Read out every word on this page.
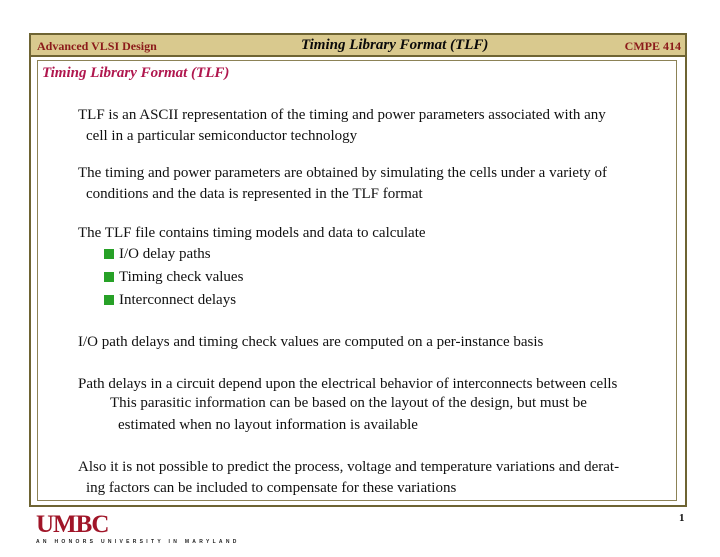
Advanced VLSI Design	Timing Library Format (TLF)	CMPE 414
Timing Library Format (TLF)
TLF is an ASCII representation of the timing and power parameters associated with any
cell in a particular semiconductor technology
The timing and power parameters are obtained by simulating the cells under a variety of
conditions and the data is represented in the TLF format
The TLF file contains timing models and data to calculate
I/O delay paths
Timing check values
Interconnect delays
I/O path delays and timing check values are computed on a per-instance basis
Path delays in a circuit depend upon the electrical behavior of interconnects between cells
This parasitic information can be based on the layout of the design, but must be
estimated when no layout information is available
Also it is not possible to predict the process, voltage and temperature variations and derat-
ing factors can be included to compensate for these variations
UMBC
AN HONORS UNIVERSITY IN MARYLAND
1
